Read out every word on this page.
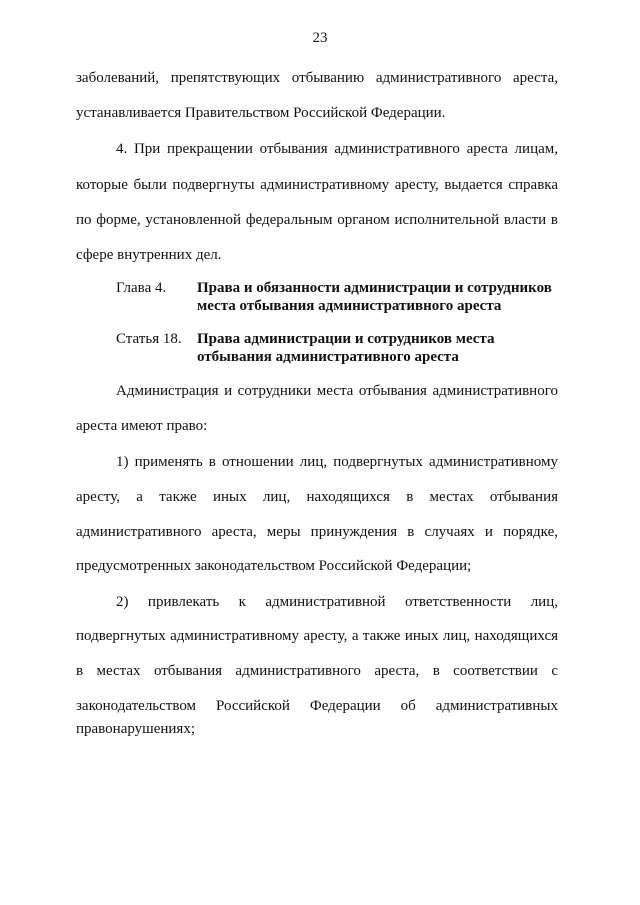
23
заболеваний, препятствующих отбыванию административного ареста,
устанавливается Правительством Российской Федерации.
4. При прекращении отбывания административного ареста лицам,
которые были подвергнуты административному аресту, выдается справка
по форме, установленной федеральным органом исполнительной власти в
сфере внутренних дел.
Глава 4. Права и обязанности администрации и сотрудников
места отбывания административного ареста
Статья 18. Права администрации и сотрудников места
отбывания административного ареста
Администрация и сотрудники места отбывания административного
ареста имеют право:
1) применять в отношении лиц, подвергнутых административному
аресту, а также иных лиц, находящихся в местах отбывания
административного ареста, меры принуждения в случаях и порядке,
предусмотренных законодательством Российской Федерации;
2) привлекать к административной ответственности лиц,
подвергнутых административному аресту, а также иных лиц, находящихся
в местах отбывания административного ареста, в соответствии с
законодательством Российской Федерации об административных
правонарушениях;
